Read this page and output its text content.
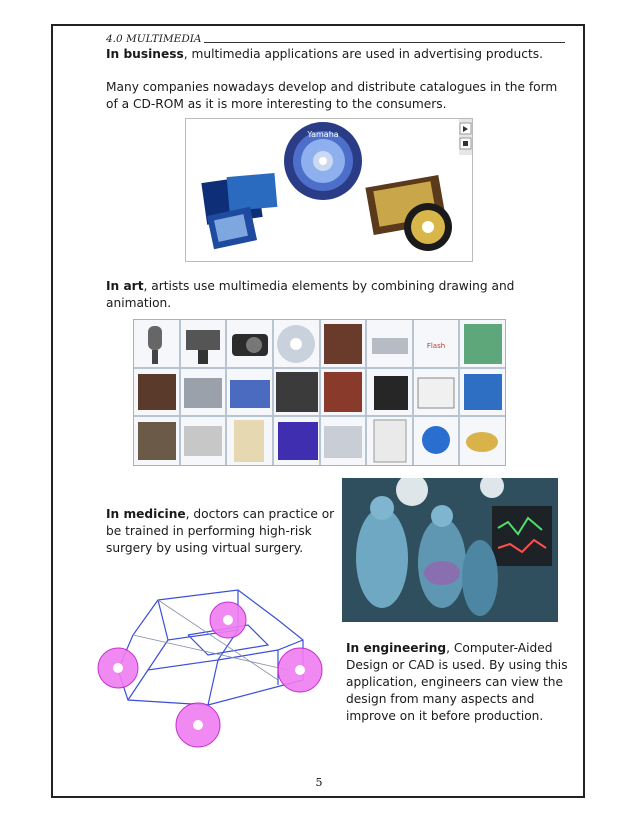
4.0 MULTIMEDIA
In business, multimedia applications are used in advertising products.
Many companies nowadays develop and distribute catalogues in the form of a CD-ROM as it is more interesting to the consumers.
Yamaha
In art, artists use multimedia elements by combining drawing and animation.
Flash
In medicine, doctors can practice or be trained in performing high-risk surgery by using virtual surgery.
In engineering, Computer-Aided Design or CAD is used. By using this application, engineers can view the design from many aspects and improve on it before production.
5
